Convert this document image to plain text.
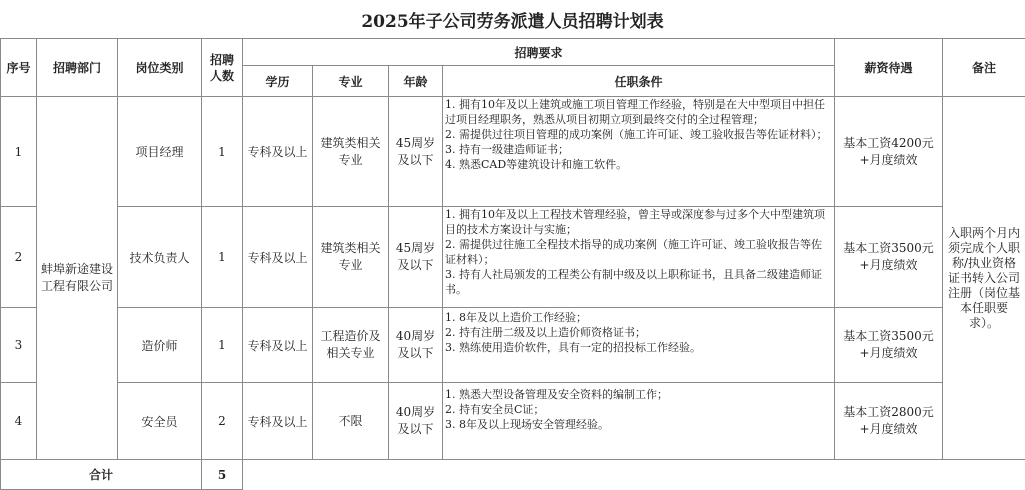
2025年子公司劳务派遣人员招聘计划表
序号	招聘部门	岗位类别	招聘人数	招聘要求				薪资待遇	备注
				学历	专业	年龄	任职条件		
1	蚌埠新途建设工程有限公司	项目经理	1	专科及以上	建筑类相关专业	45周岁及以下	1. 拥有10年及以上建筑或施工项目管理工作经验，特别是在大中型项目中担任过项目经理职务，熟悉从项目初期立项到最终交付的全过程管理；
2. 需提供过往项目管理的成功案例（施工许可证、竣工验收报告等佐证材料）；
3. 持有一级建造师证书；
4. 熟悉CAD等建筑设计和施工软件。	基本工资4200元+月度绩效	入职两个月内须完成个人职称/执业资格证书转入公司注册（岗位基本任职要求）。
2		技术负责人	1	专科及以上	建筑类相关专业	45周岁及以下	1. 拥有10年及以上工程技术管理经验，曾主导或深度参与过多个大中型建筑项目的技术方案设计与实施；
2. 需提供过往施工全程技术指导的成功案例（施工许可证、竣工验收报告等佐证材料）；
3. 持有人社局颁发的工程类公有制中级及以上职称证书，且具备二级建造师证书。	基本工资3500元+月度绩效	
3		造价师	1	专科及以上	工程造价及相关专业	40周岁及以下	1. 8年及以上造价工作经验；
2. 持有注册二级及以上造价师资格证书；
3. 熟练使用造价软件，具有一定的招投标工作经验。	基本工资3500元+月度绩效	
4		安全员	2	专科及以上	不限	40周岁及以下	1. 熟悉大型设备管理及安全资料的编制工作；
2. 持有安全员C证；
3. 8年及以上现场安全管理经验。	基本工资2800元+月度绩效	
合计			5						
